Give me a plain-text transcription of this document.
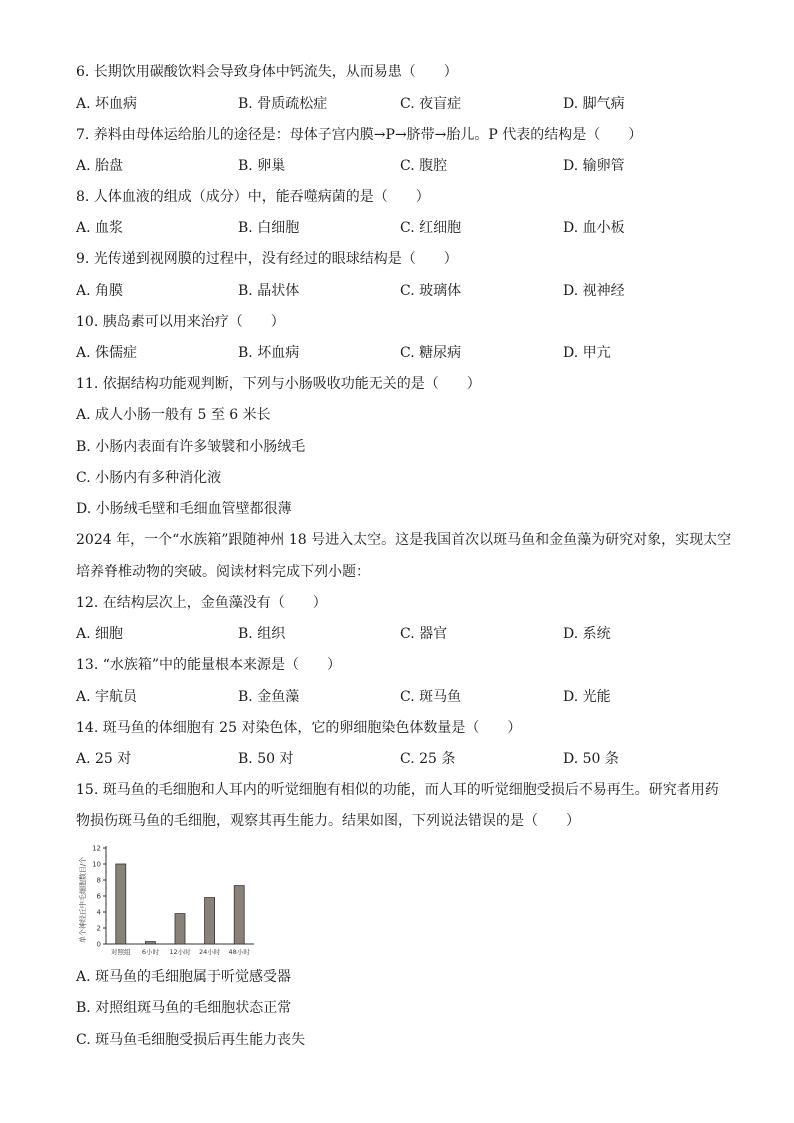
6. 长期饮用碳酸饮料会导致身体中钙流失，从而易患（　　）
A. 坏血病	B. 骨质疏松症	C. 夜盲症	D. 脚气病
7. 养料由母体运给胎儿的途径是：母体子宫内膜→P→脐带→胎儿。P 代表的结构是（　　）
A. 胎盘	B. 卵巢	C. 腹腔	D. 输卵管
8. 人体血液的组成（成分）中，能吞噬病菌的是（　　）
A. 血浆	B. 白细胞	C. 红细胞	D. 血小板
9. 光传递到视网膜的过程中，没有经过的眼球结构是（　　）
A. 角膜	B. 晶状体	C. 玻璃体	D. 视神经
10. 胰岛素可以用来治疗（　　）
A. 侏儒症	B. 坏血病	C. 糖尿病	D. 甲亢
11. 依据结构功能观判断，下列与小肠吸收功能无关的是（　　）
A. 成人小肠一般有 5 至 6 米长
B. 小肠内表面有许多皱襞和小肠绒毛
C. 小肠内有多种消化液
D. 小肠绒毛壁和毛细血管壁都很薄
2024 年，一个“水族箱”跟随神州 18 号进入太空。这是我国首次以斑马鱼和金鱼藻为研究对象，实现太空
培养脊椎动物的突破。阅读材料完成下列小题：
12. 在结构层次上，金鱼藻没有（　　）
A. 细胞	B. 组织	C. 器官	D. 系统
13. “水族箱”中的能量根本来源是（　　）
A. 宇航员	B. 金鱼藻	C. 斑马鱼	D. 光能
14. 斑马鱼的体细胞有 25 对染色体，它的卵细胞染色体数量是（　　）
A. 25 对	B. 50 对	C. 25 条	D. 50 条
15. 斑马鱼的毛细胞和人耳内的听觉细胞有相似的功能，而人耳的听觉细胞受损后不易再生。研究者用药
物损伤斑马鱼的毛细胞，观察其再生能力。结果如图，下列说法错误的是（　　）
单个神经丘中毛细胞数目/个
0
2
4
6
8
10
12
对照组 6小时 12小时 24小时 48小时
A. 斑马鱼的毛细胞属于听觉感受器
B. 对照组斑马鱼的毛细胞状态正常
C. 斑马鱼毛细胞受损后再生能力丧失
